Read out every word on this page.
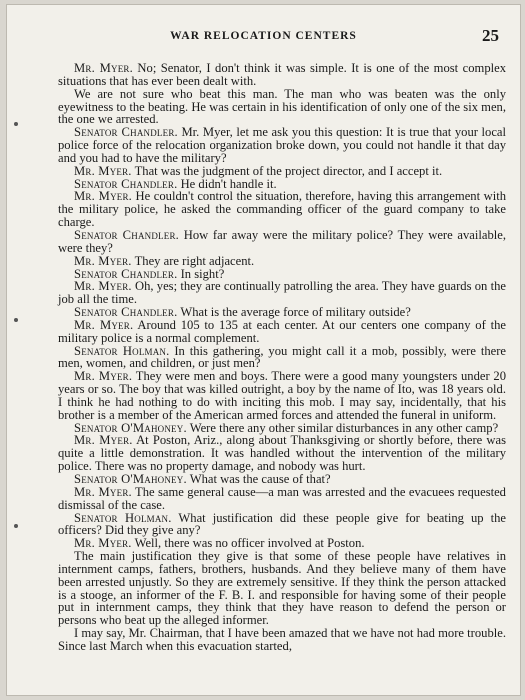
WAR RELOCATION CENTERS	25

Mr. Myer. No; Senator, I don't think it was simple. It is one of the most complex situations that has ever been dealt with.

We are not sure who beat this man. The man who was beaten was the only eyewitness to the beating. He was certain in his identification of only one of the six men, the one we arrested.

Senator Chandler. Mr. Myer, let me ask you this question: It is true that your local police force of the relocation organization broke down, you could not handle it that day and you had to have the military?

Mr. Myer. That was the judgment of the project director, and I accept it.

Senator Chandler. He didn't handle it.

Mr. Myer. He couldn't control the situation, therefore, having this arrangement with the military police, he asked the commanding officer of the guard company to take charge.

Senator Chandler. How far away were the military police? They were available, were they?

Mr. Myer. They are right adjacent.

Senator Chandler. In sight?

Mr. Myer. Oh, yes; they are continually patrolling the area. They have guards on the job all the time.

Senator Chandler. What is the average force of military outside?

Mr. Myer. Around 105 to 135 at each center. At our centers one company of the military police is a normal complement.

Senator Holman. In this gathering, you might call it a mob, possibly, were there men, women, and children, or just men?

Mr. Myer. They were men and boys. There were a good many youngsters under 20 years or so. The boy that was killed outright, a boy by the name of Ito, was 18 years old. I think he had nothing to do with inciting this mob. I may say, incidentally, that his brother is a member of the American armed forces and attended the funeral in uniform.

Senator O'Mahoney. Were there any other similar disturbances in any other camp?

Mr. Myer. At Poston, Ariz., along about Thanksgiving or shortly before, there was quite a little demonstration. It was handled without the intervention of the military police. There was no property damage, and nobody was hurt.

Senator O'Mahoney. What was the cause of that?

Mr. Myer. The same general cause—a man was arrested and the evacuees requested dismissal of the case.

Senator Holman. What justification did these people give for beating up the officers? Did they give any?

Mr. Myer. Well, there was no officer involved at Poston.

The main justification they give is that some of these people have relatives in internment camps, fathers, brothers, husbands. And they believe many of them have been arrested unjustly. So they are extremely sensitive. If they think the person attacked is a stooge, an informer of the F. B. I. and responsible for having some of their people put in internment camps, they think that they have reason to defend the person or persons who beat up the alleged informer.

I may say, Mr. Chairman, that I have been amazed that we have not had more trouble. Since last March when this evacuation started,
